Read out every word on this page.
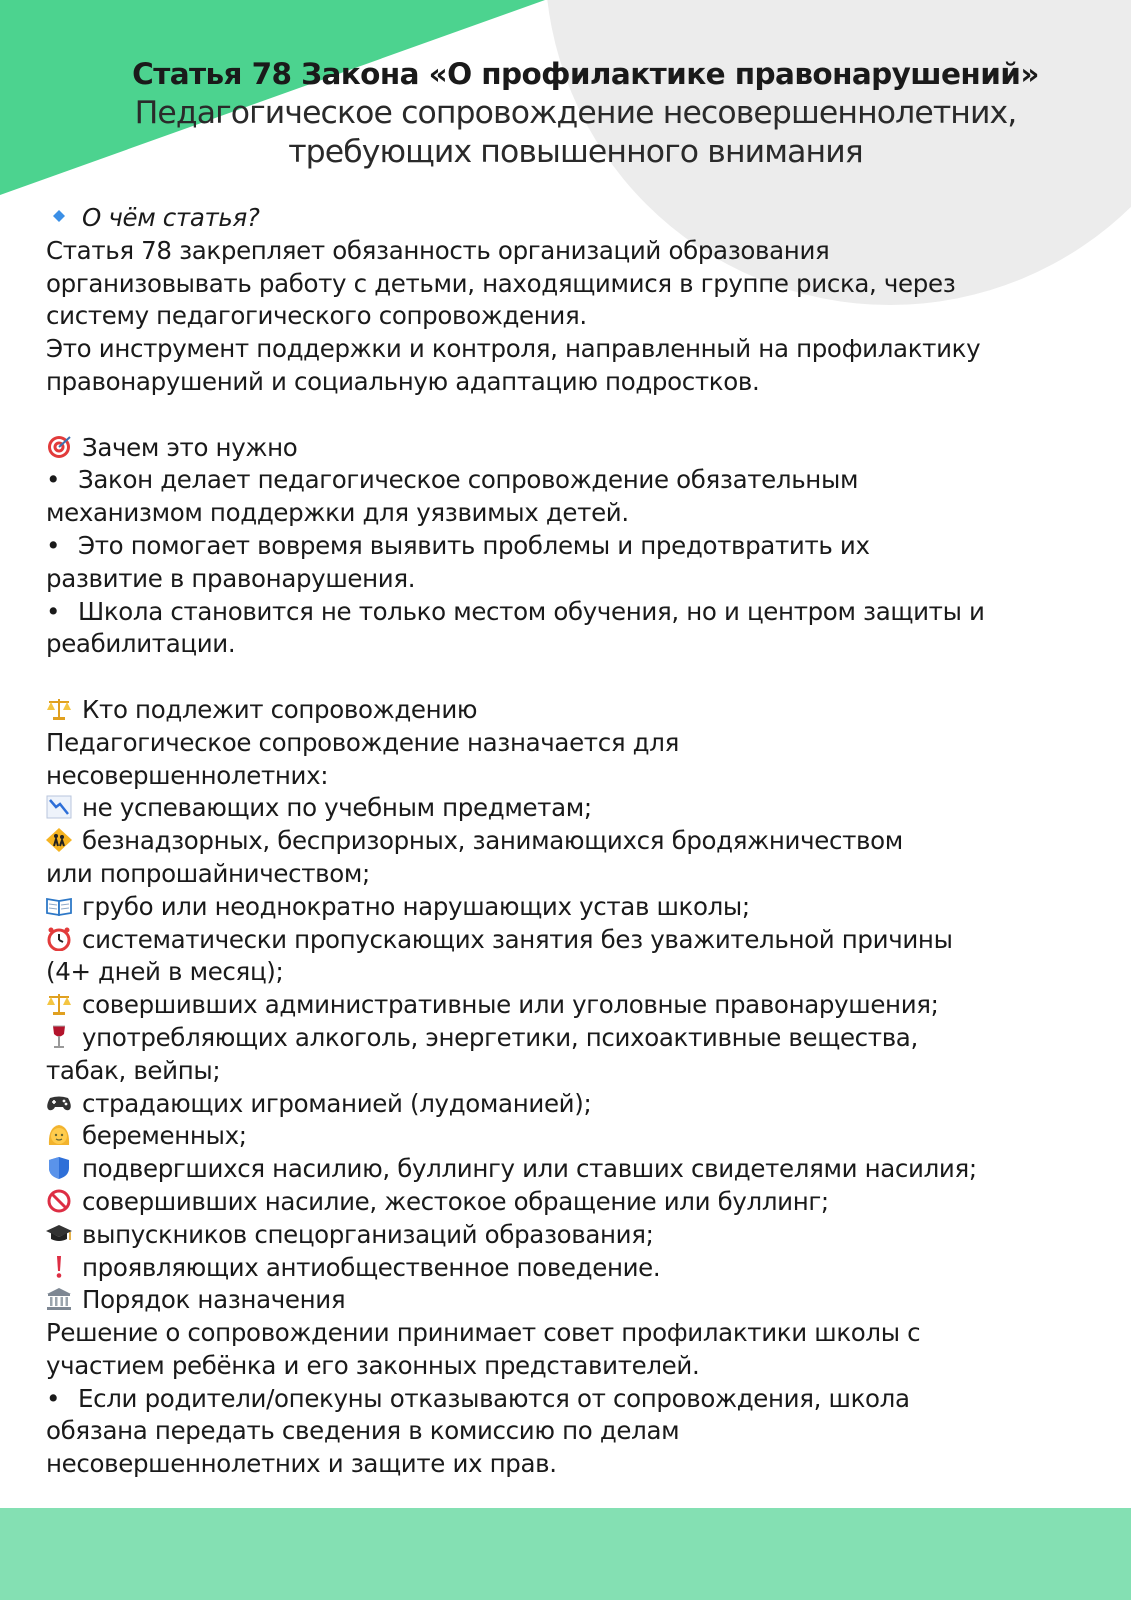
Статья 78 Закона «О профилактике правонарушений»
Педагогическое сопровождение несовершеннолетних,
требующих повышенного внимания
О чём статья?
Статья 78 закрепляет обязанность организаций образования
организовывать работу с детьми, находящимися в группе риска, через
систему педагогического сопровождения.
Это инструмент поддержки и контроля, направленный на профилактику
правонарушений и социальную адаптацию подростков.
Зачем это нужно
• Закон делает педагогическое сопровождение обязательным
механизмом поддержки для уязвимых детей.
• Это помогает вовремя выявить проблемы и предотвратить их
развитие в правонарушения.
• Школа становится не только местом обучения, но и центром защиты и
реабилитации.
Кто подлежит сопровождению
Педагогическое сопровождение назначается для
несовершеннолетних:
не успевающих по учебным предметам;
безнадзорных, беспризорных, занимающихся бродяжничеством
или попрошайничеством;
грубо или неоднократно нарушающих устав школы;
систематически пропускающих занятия без уважительной причины
(4+ дней в месяц);
совершивших административные или уголовные правонарушения;
употребляющих алкоголь, энергетики, психоактивные вещества,
табак, вейпы;
страдающих игроманией (лудоманией);
беременных;
подвергшихся насилию, буллингу или ставших свидетелями насилия;
совершивших насилие, жестокое обращение или буллинг;
выпускников спецорганизаций образования;
проявляющих антиобщественное поведение.
Порядок назначения
Решение о сопровождении принимает совет профилактики школы с
участием ребёнка и его законных представителей.
• Если родители/опекуны отказываются от сопровождения, школа
обязана передать сведения в комиссию по делам
несовершеннолетних и защите их прав.
